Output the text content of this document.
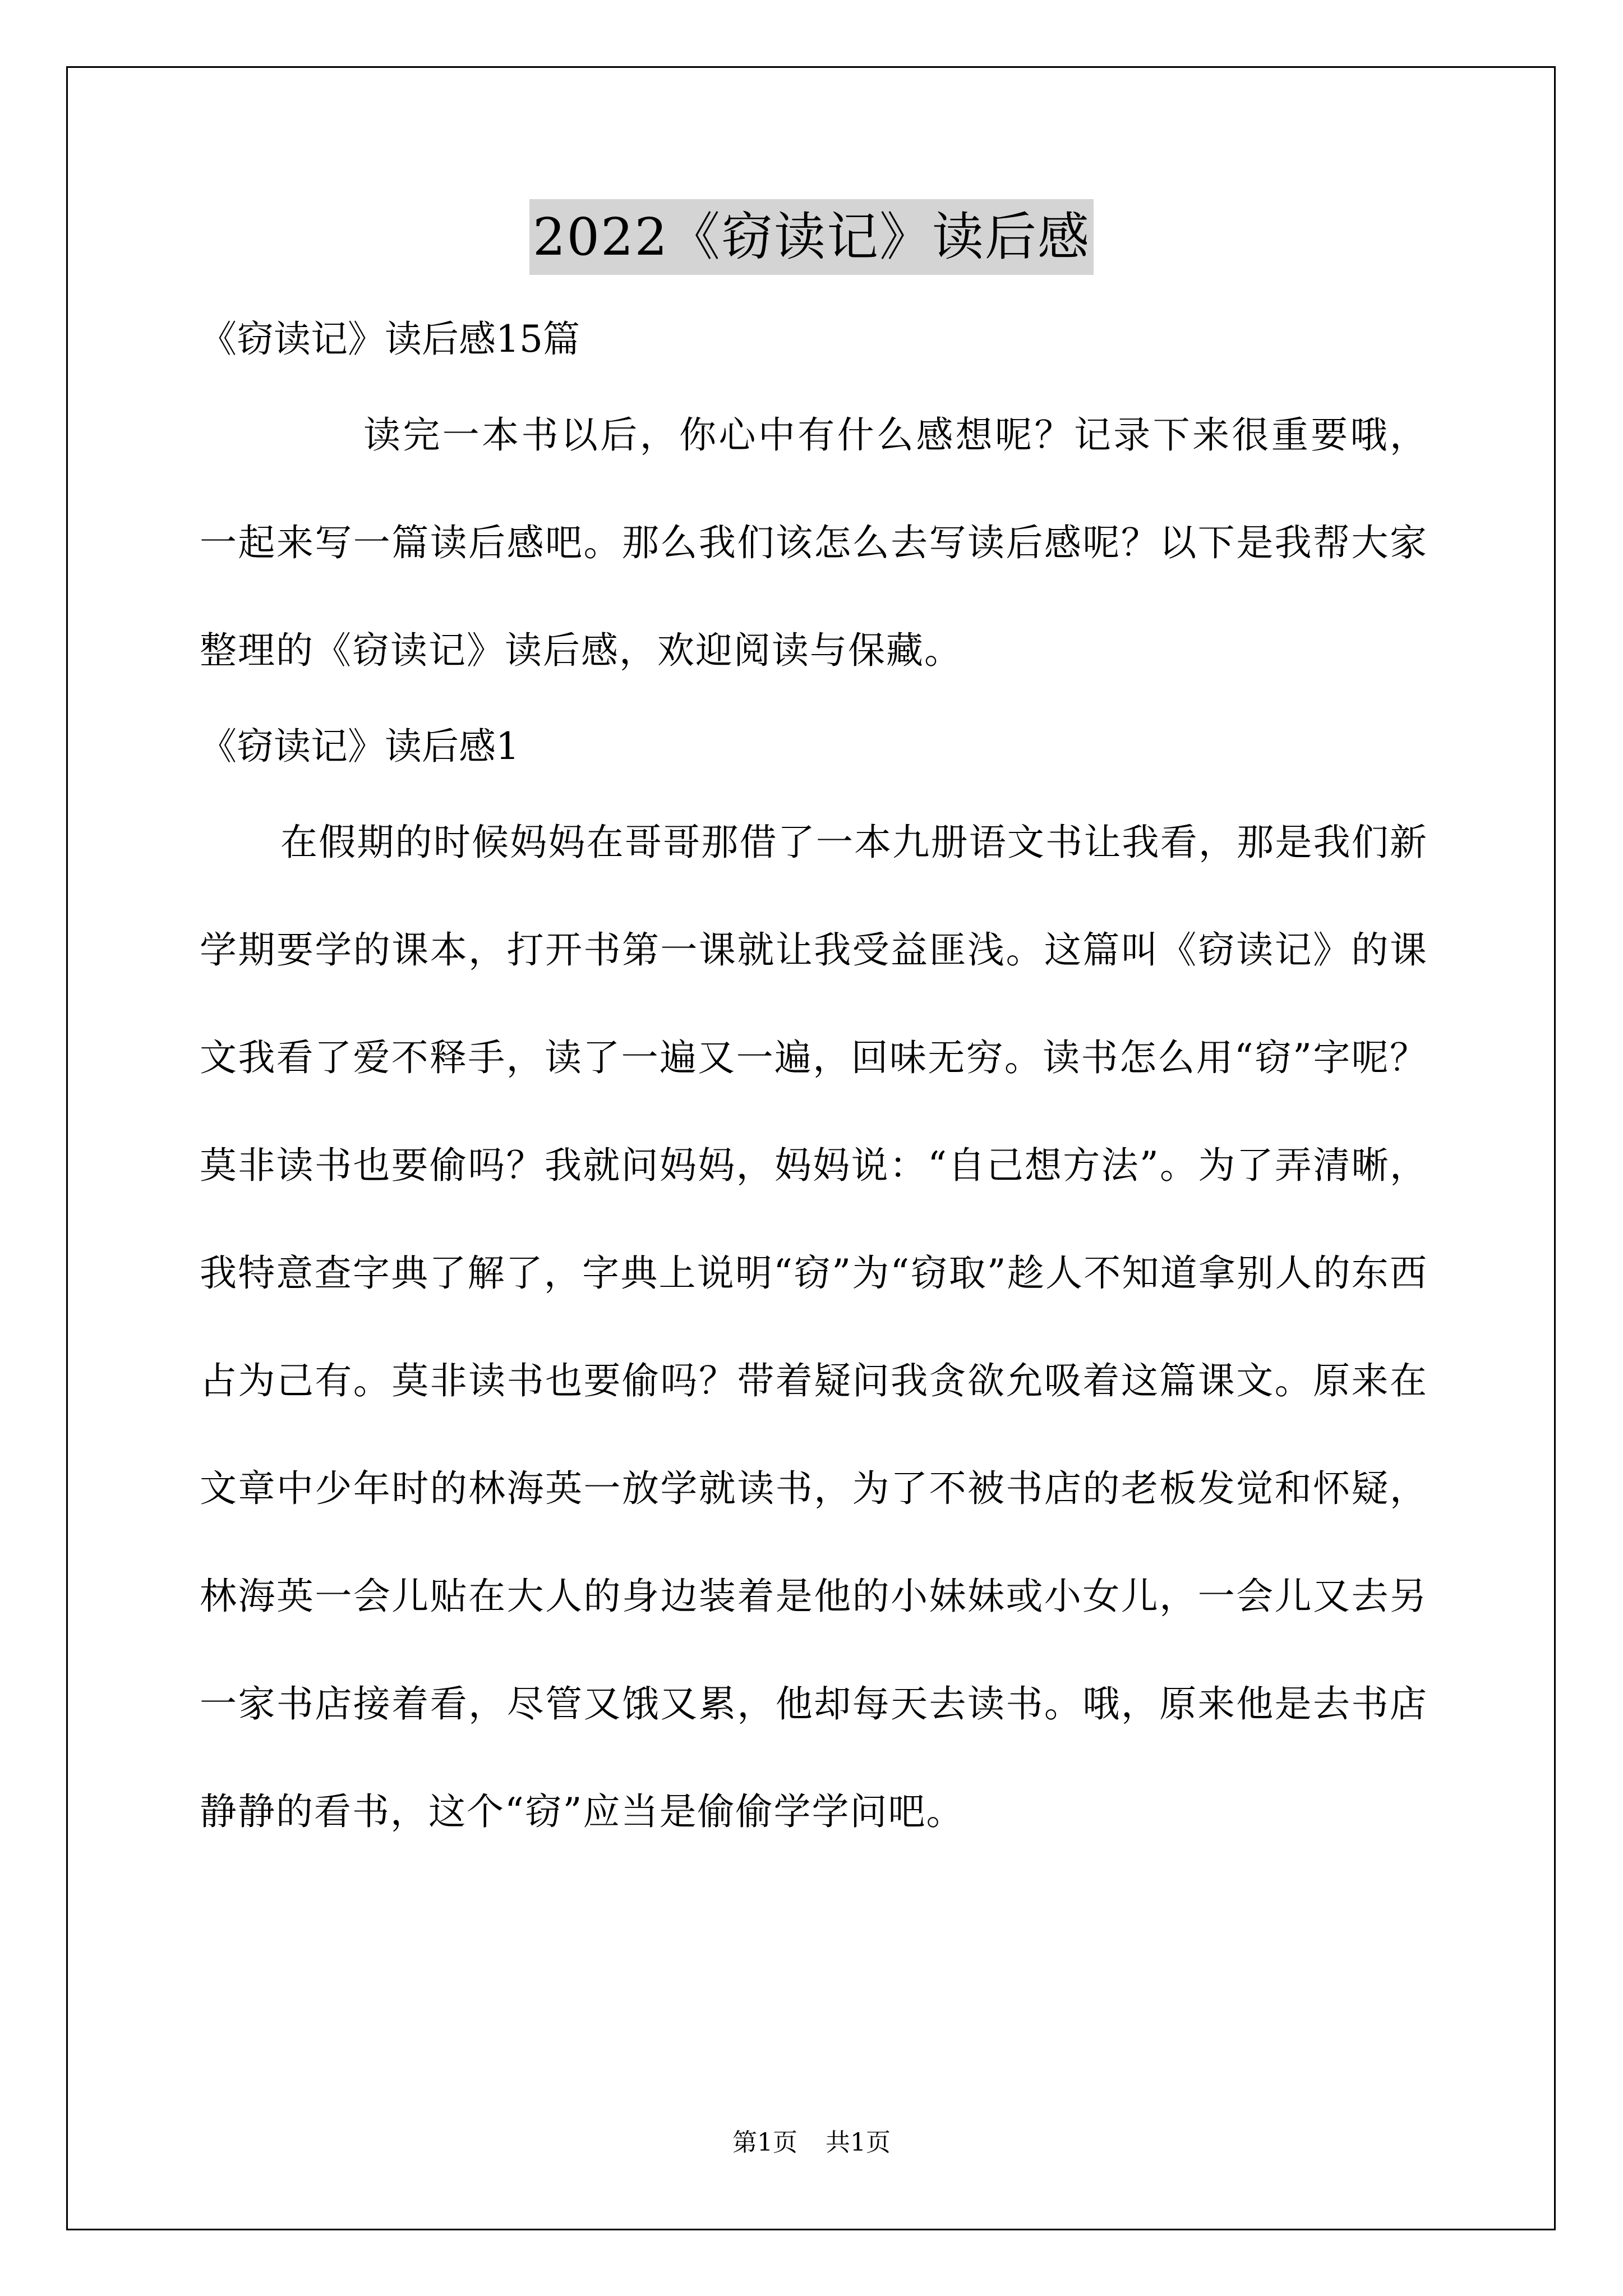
2022《窃读记》读后感

《窃读记》读后感15篇

读完一本书以后，你心中有什么感想呢？记录下来很重要哦，一起来写一篇读后感吧。那么我们该怎么去写读后感呢？以下是我帮大家整理的《窃读记》读后感，欢迎阅读与保藏。

《窃读记》读后感1

在假期的时候妈妈在哥哥那借了一本九册语文书让我看，那是我们新学期要学的课本，打开书第一课就让我受益匪浅。这篇叫《窃读记》的课文我看了爱不释手，读了一遍又一遍，回味无穷。读书怎么用“窃”字呢？莫非读书也要偷吗？我就问妈妈，妈妈说：“自己想方法”。为了弄清晰，我特意查字典了解了，字典上说明“窃”为“窃取”趁人不知道拿别人的东西占为己有。莫非读书也要偷吗？带着疑问我贪欲允吸着这篇课文。原来在文章中少年时的林海英一放学就读书，为了不被书店的老板发觉和怀疑，林海英一会儿贴在大人的身边装着是他的小妹妹或小女儿，一会儿又去另一家书店接着看，尽管又饿又累，他却每天去读书。哦，原来他是去书店静静的看书，这个“窃”应当是偷偷学学问吧。

第1页 共1页
